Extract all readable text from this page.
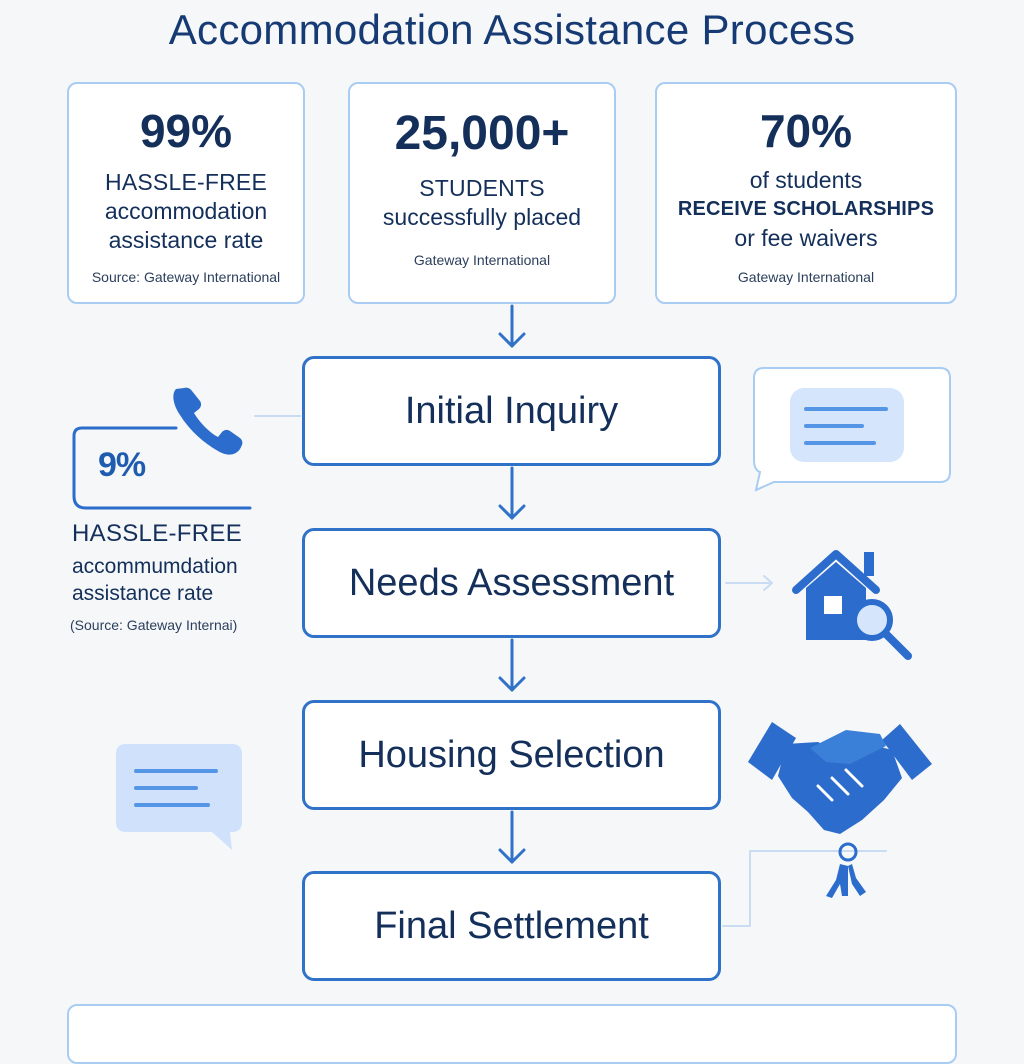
Accommodation Assistance Process
99%
HASSLE-FREE
accommodation
assistance rate
Source: Gateway International
25,000+
STUDENTS
successfully placed
Gateway International
70%
of students
RECEIVE SCHOLARSHIPS
or fee waivers
Gateway International
Initial Inquiry
Needs Assessment
Housing Selection
Final Settlement
9%
HASSLE-FREE
accommumdation
assistance rate
(Source: Gateway Internai)
